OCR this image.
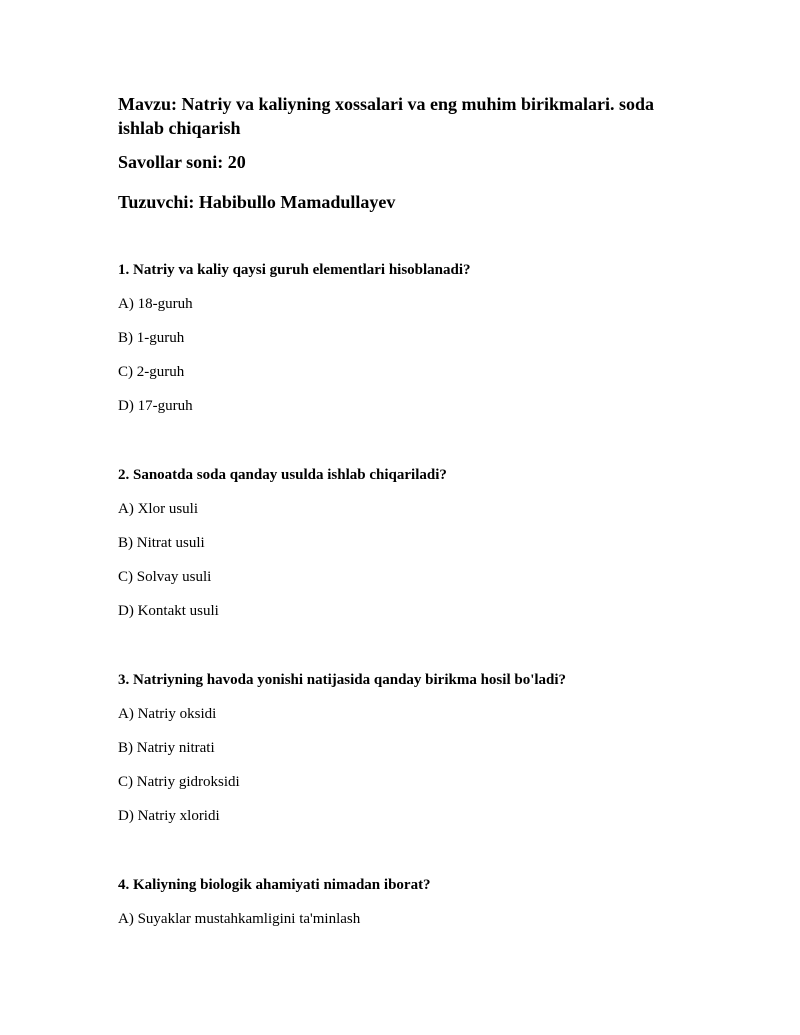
Mavzu: Natriy va kaliyning xossalari va eng muhim birikmalari. soda ishlab chiqarish
Savollar soni: 20
Tuzuvchi: Habibullo Mamadullayev
1. Natriy va kaliy qaysi guruh elementlari hisoblanadi?
A) 18-guruh
B) 1-guruh
C) 2-guruh
D) 17-guruh
2. Sanoatda soda qanday usulda ishlab chiqariladi?
A) Xlor usuli
B) Nitrat usuli
C) Solvay usuli
D) Kontakt usuli
3. Natriyning havoda yonishi natijasida qanday birikma hosil bo'ladi?
A) Natriy oksidi
B) Natriy nitrati
C) Natriy gidroksidi
D) Natriy xloridi
4. Kaliyning biologik ahamiyati nimadan iborat?
A) Suyaklar mustahkamligini ta'minlash
